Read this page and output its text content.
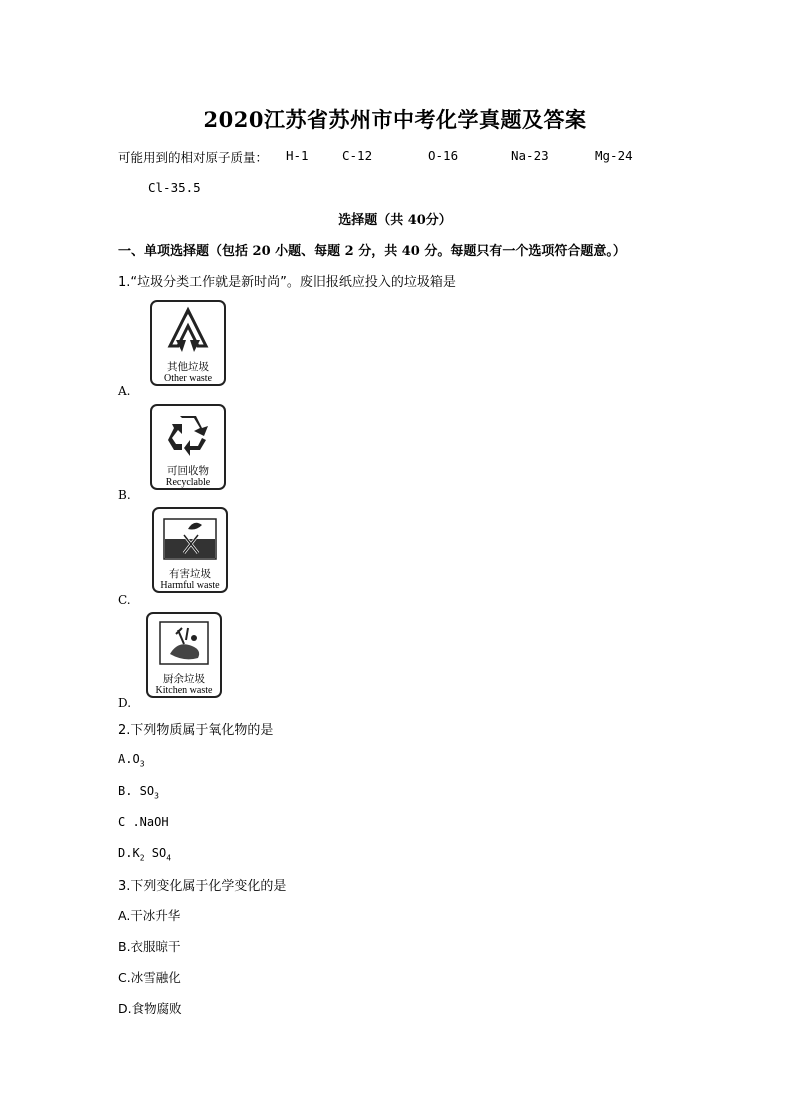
2020江苏省苏州市中考化学真题及答案
可能用到的相对原子质量： H-1	C-12	O-16	Na-23	Mg-24
Cl-35.5
选择题（共 40分）
一、单项选择题（包括 20 小题、每题 2 分，共 40 分。每题只有一个选项符合题意。）
1.“垃圾分类工作就是新时尚”。废旧报纸应投入的垃圾箱是
其他垃圾
Other waste
A.
可回收物
Recyclable
B.
有害垃圾
Harmful waste
C.
厨余垃圾
Kitchen waste
D.
2.下列物质属于氧化物的是
$A.O_3$
B. $SO_3$
C .NaOH
$D.K_2$ $SO_4$
3.下列变化属于化学变化的是
A.干冰升华
B.衣服晾干
C.冰雪融化
D.食物腐败
